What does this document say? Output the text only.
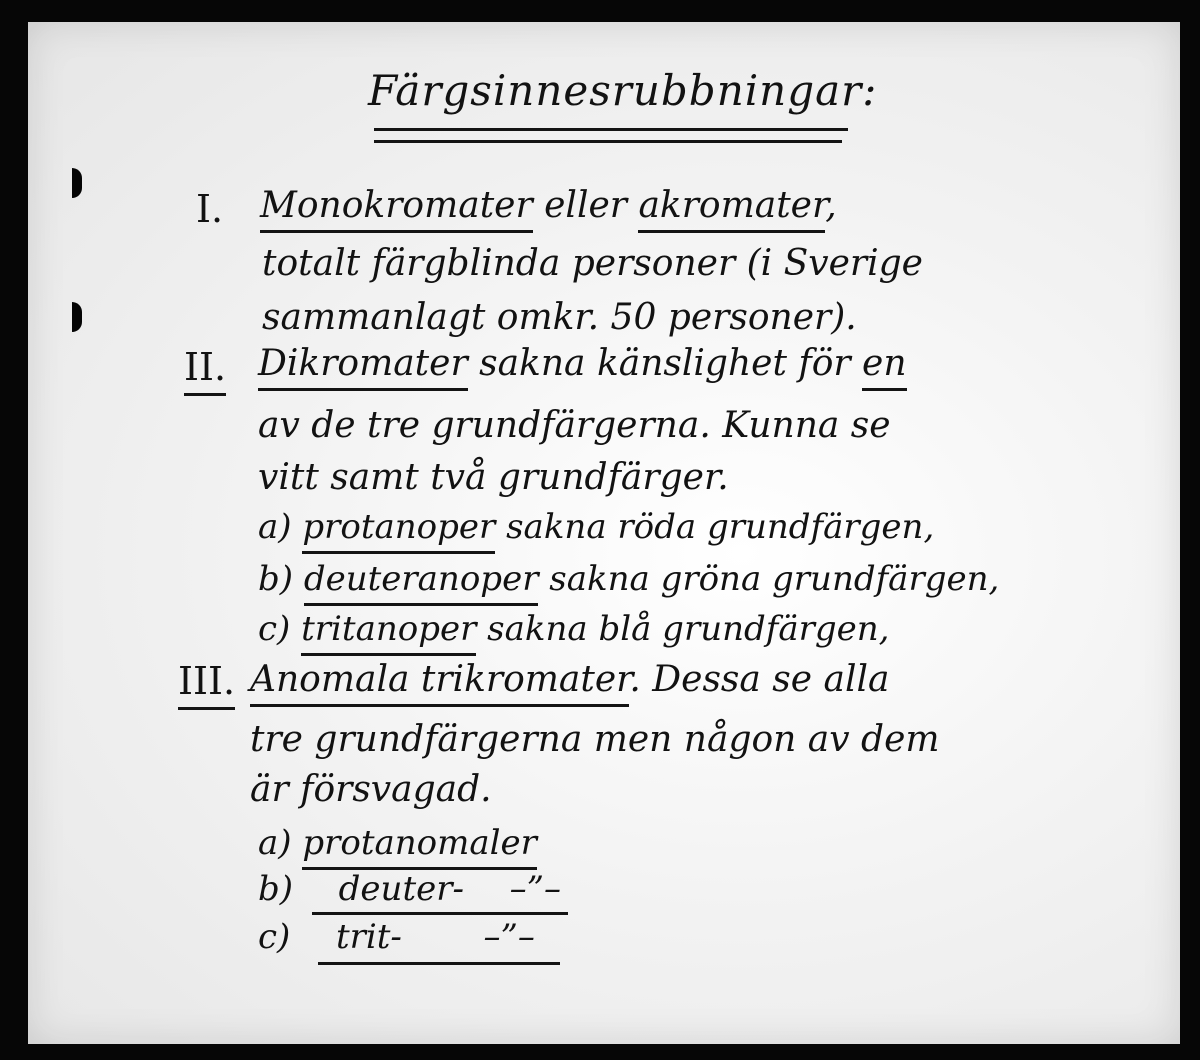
Färgsinnesrubbningar:
I. Monokromater eller akromater,
totalt färgblinda personer (i Sverige
sammanlagt omkr. 50 personer).
II. Dikromater sakna känslighet för en
av de tre grundfärgerna. Kunna se
vitt samt två grundfärger.
a) protanoper sakna röda grundfärgen,
b) deuteranoper sakna gröna grundfärgen,
c) tritanoper sakna blå grundfärgen,
III. Anomala trikromater. Dessa se alla
tre grundfärgerna men någon av dem
är försvagad.
a) protanomaler
b) deuter- –”–
c) trit- –”–
